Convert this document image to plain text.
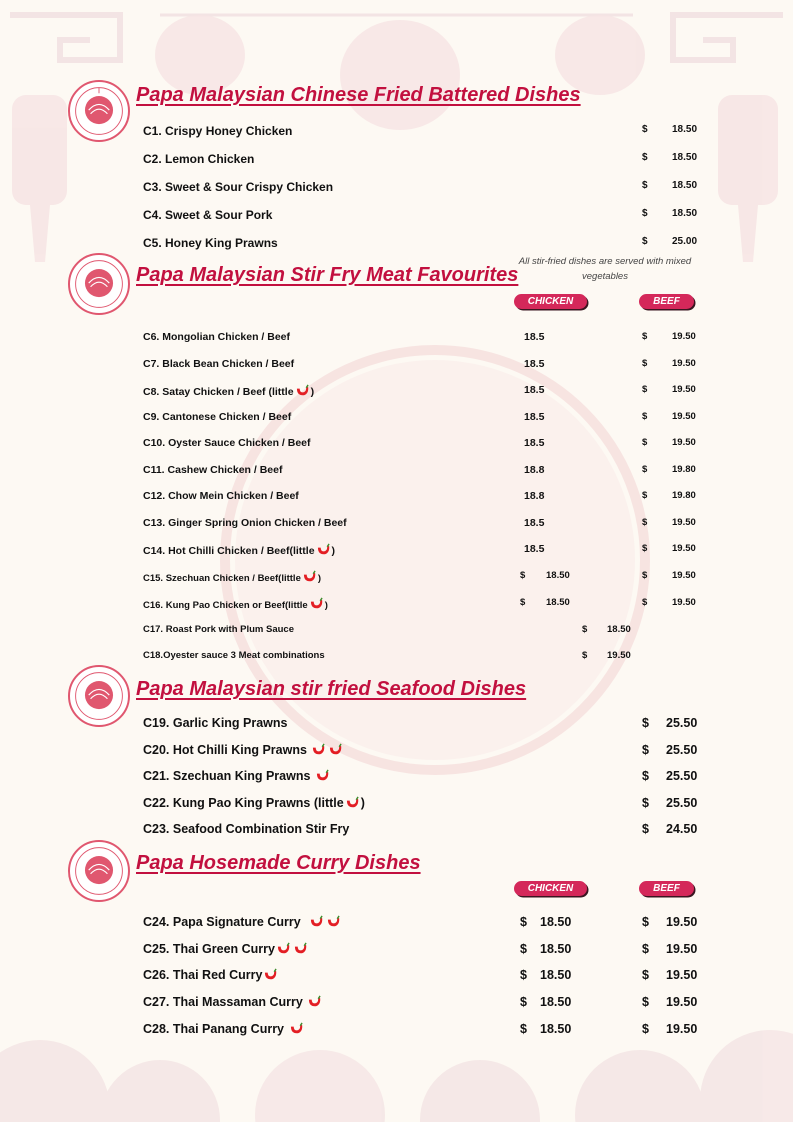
Papa Malaysian Chinese Fried Battered Dishes
C1. Crispy Honey Chicken	$ 18.50
C2. Lemon Chicken	$ 18.50
C3. Sweet & Sour Crispy Chicken	$ 18.50
C4. Sweet & Sour Pork	$ 18.50
C5. Honey King Prawns	$ 25.00
Papa Malaysian Stir Fry Meat Favourites
All stir-fried dishes are served with mixed vegetables
CHICKEN	BEEF
C6. Mongolian Chicken / Beef	18.5	$	19.50
C7. Black Bean Chicken / Beef	18.5	$	19.50
C8. Satay Chicken / Beef (little )	18.5	$	19.50
C9. Cantonese Chicken / Beef	18.5	$	19.50
C10. Oyster Sauce Chicken / Beef	18.5	$	19.50
C11. Cashew Chicken / Beef	18.8	$	19.80
C12. Chow Mein Chicken / Beef	18.8	$	19.80
C13. Ginger Spring Onion Chicken / Beef	18.5	$	19.50
C14. Hot Chilli Chicken / Beef(little )	18.5	$	19.50
C15. Szechuan Chicken / Beef(little )	$ 18.50	$	19.50
C16. Kung Pao Chicken or Beef(little )	$ 18.50	$	19.50
C17. Roast Pork with Plum Sauce	$ 18.50
C18.Oyester sauce 3 Meat combinations	$ 19.50
Papa Malaysian stir fried Seafood Dishes
C19. Garlic King Prawns	$ 25.50
C20. Hot Chilli King Prawns	$ 25.50
C21. Szechuan King Prawns	$ 25.50
C22. Kung Pao King Prawns (little )	$ 25.50
C23. Seafood Combination Stir Fry	$ 24.50
Papa Hosemade Curry Dishes
CHICKEN	BEEF
C24. Papa Signature Curry	$ 18.50	$ 19.50
C25. Thai Green Curry	$ 18.50	$ 19.50
C26. Thai Red Curry	$ 18.50	$ 19.50
C27. Thai Massaman Curry	$ 18.50	$ 19.50
C28. Thai Panang Curry	$ 18.50	$ 19.50
